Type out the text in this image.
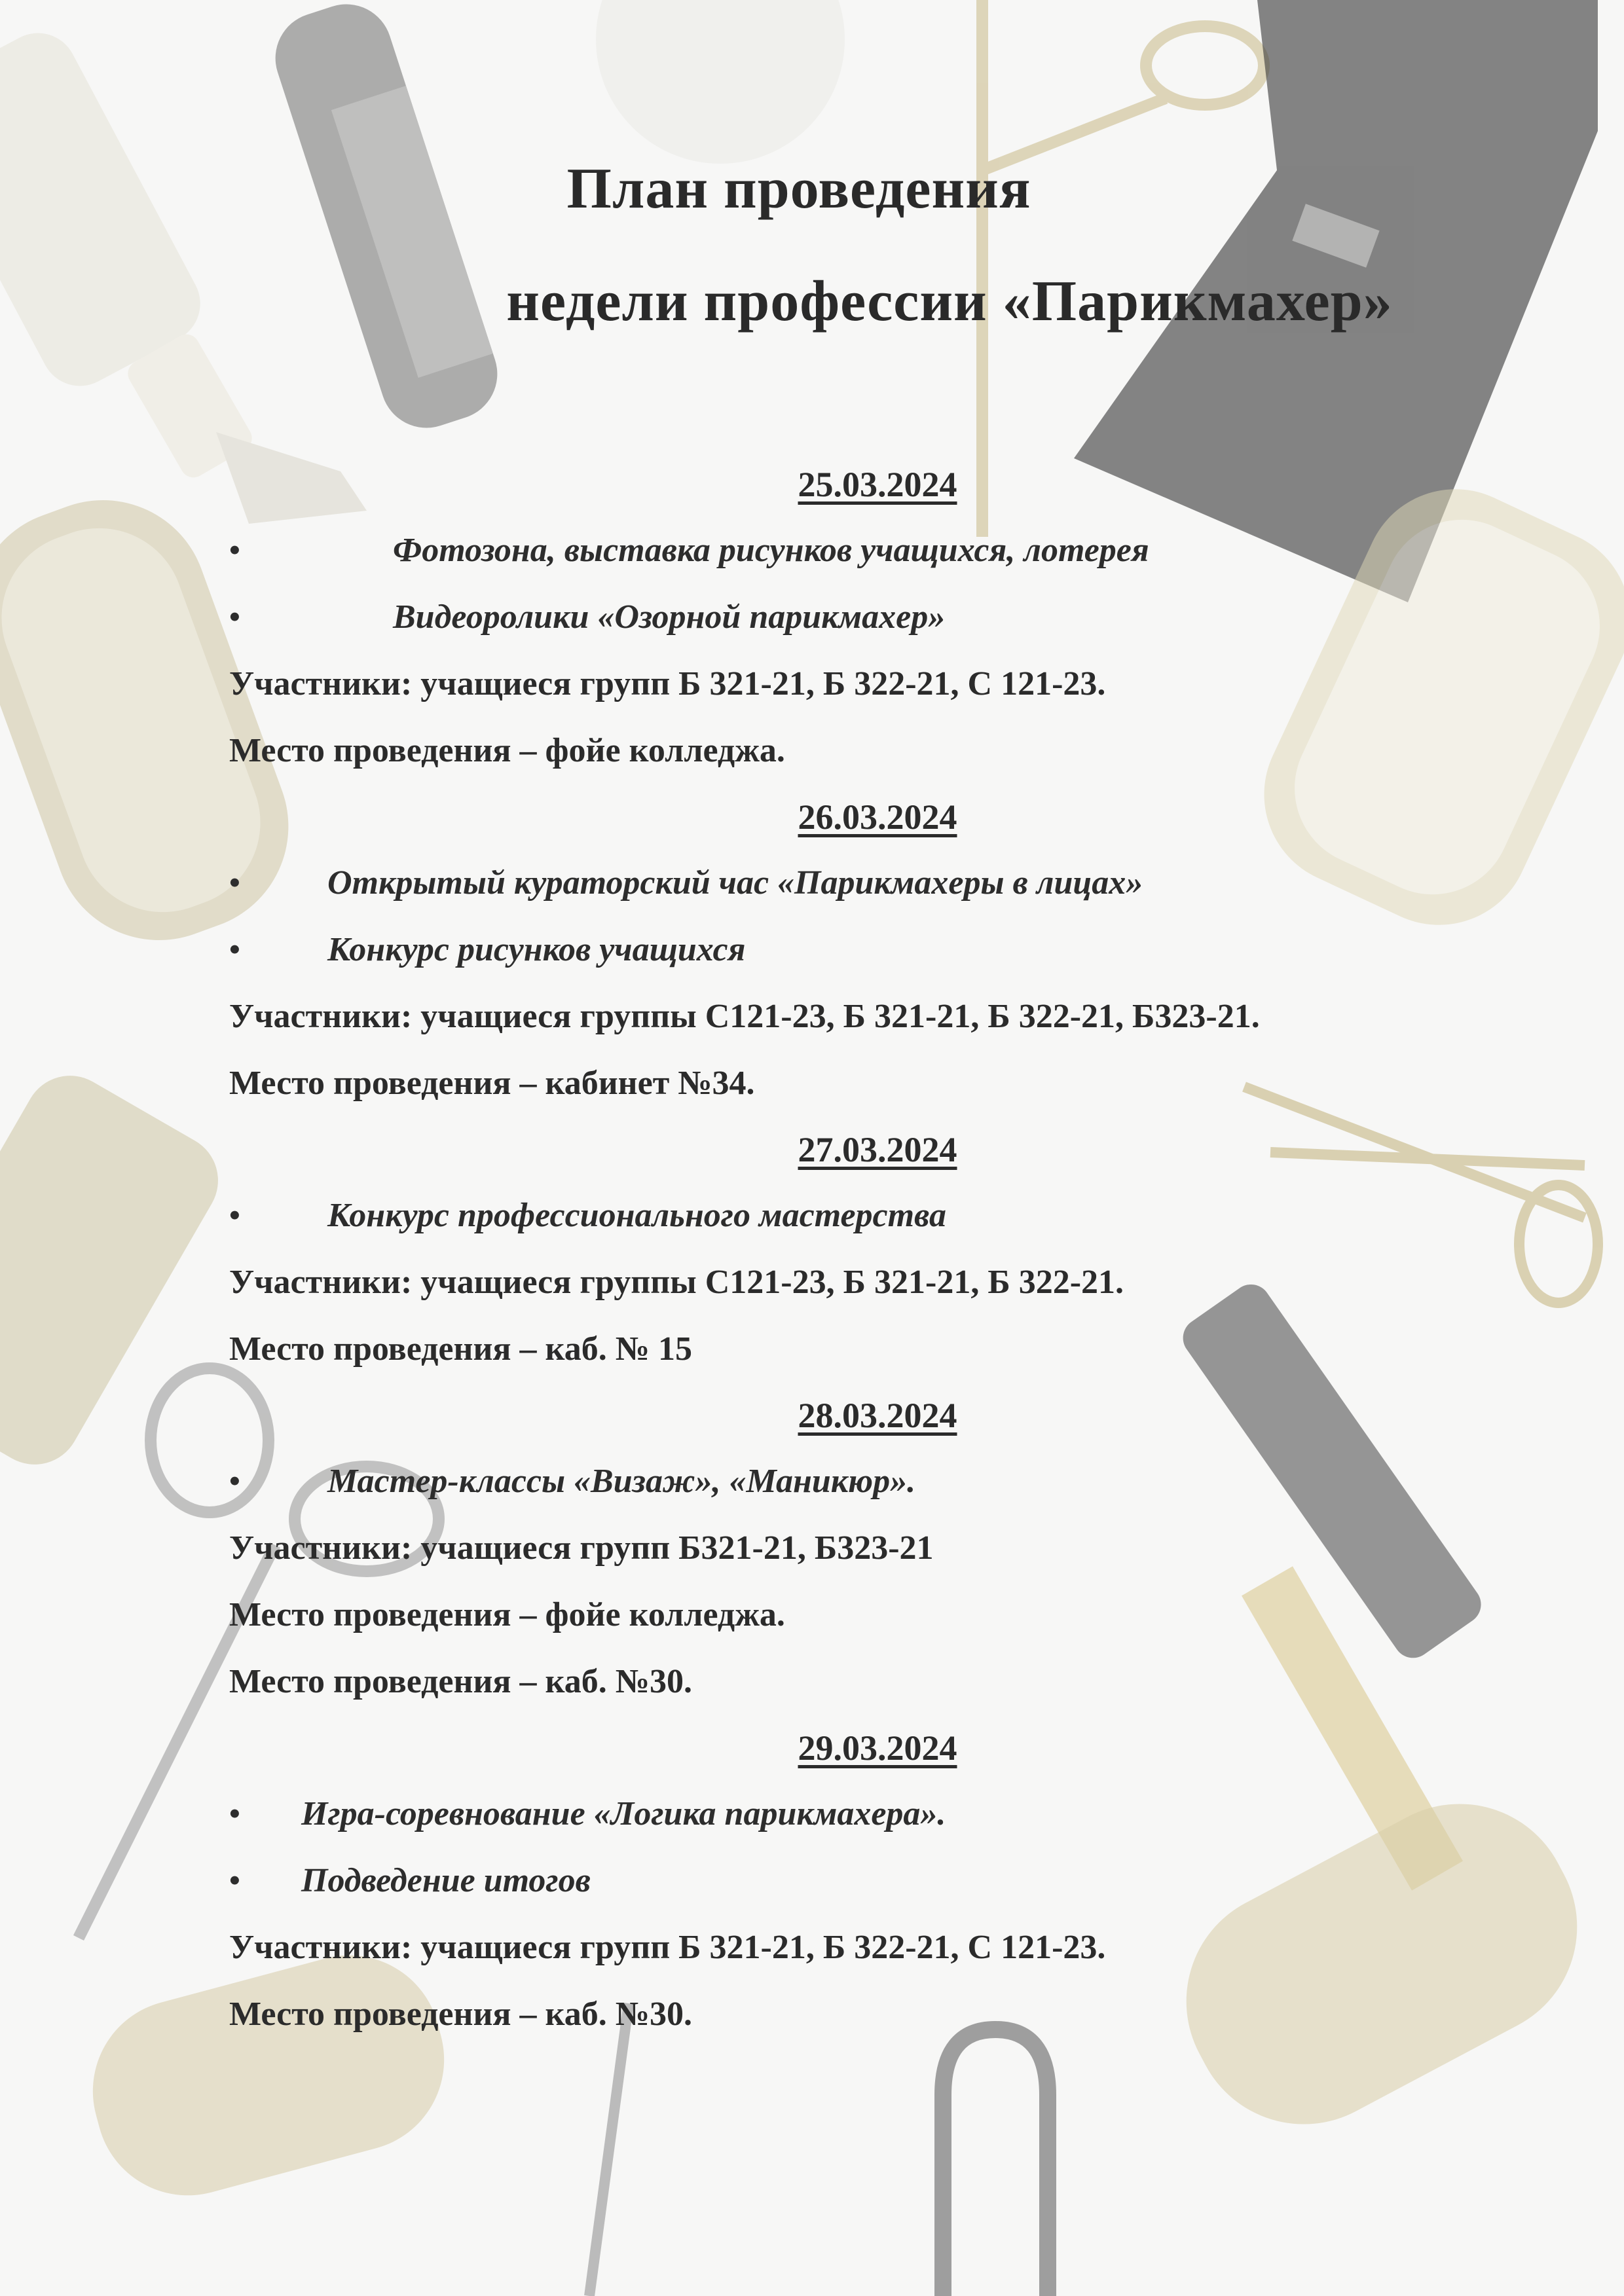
План проведения
недели профессии «Парикмахер»
25.03.2024
•	Фотозона, выставка рисунков учащихся, лотерея
•	Видеоролики «Озорной парикмахер»
Участники: учащиеся групп Б 321-21, Б 322-21, С 121-23.
Место проведения – фойе колледжа.
26.03.2024
•	Открытый кураторский час «Парикмахеры в лицах»
•	Конкурс рисунков учащихся
Участники: учащиеся группы С121-23, Б 321-21, Б 322-21, Б323-21.
Место проведения – кабинет №34.
27.03.2024
•	Конкурс профессионального мастерства
Участники: учащиеся группы С121-23, Б 321-21, Б 322-21.
Место проведения – каб. № 15
28.03.2024
•	Мастер-классы «Визаж», «Маникюр».
Участники: учащиеся групп Б321-21, Б323-21
Место проведения – фойе колледжа.
Место проведения – каб. №30.
29.03.2024
• Игра-соревнование «Логика парикмахера».
• Подведение итогов
Участники: учащиеся групп Б 321-21, Б 322-21, С 121-23.
Место проведения – каб. №30.
